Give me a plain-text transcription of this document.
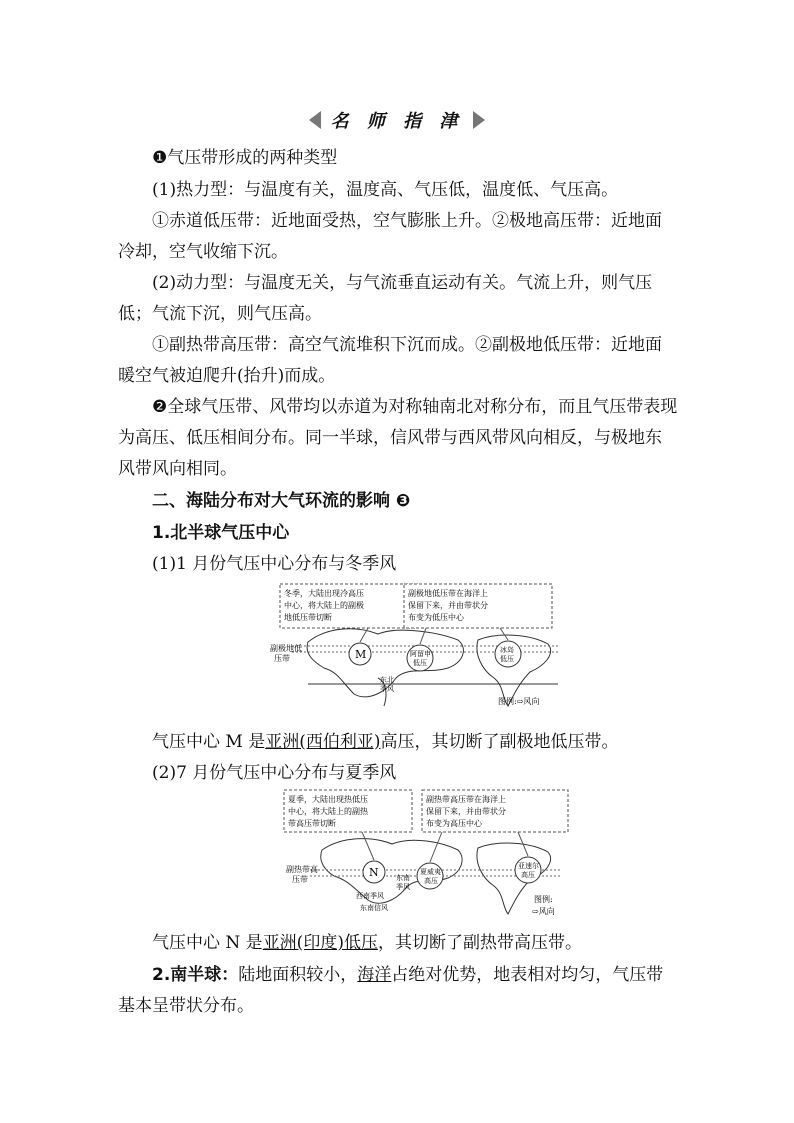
名 师 指 津

❶气压带形成的两种类型

(1)热力型：与温度有关，温度高、气压低，温度低、气压高。

①赤道低压带：近地面受热，空气膨胀上升。②极地高压带：近地面冷却，空气收缩下沉。

(2)动力型：与温度无关，与气流垂直运动有关。气流上升，则气压低；气流下沉，则气压高。

①副热带高压带：高空气流堆积下沉而成。②副极地低压带：近地面暖空气被迫爬升(抬升)而成。

❷全球气压带、风带均以赤道为对称轴南北对称分布，而且气压带表现为高压、低压相间分布。同一半球，信风带与西风带风向相反，与极地东风带风向相同。

二、海陆分布对大气环流的影响 ❸

1.北半球气压中心

(1)1 月份气压中心分布与冬季风

冬季，大陆出现冷高压
中心，将大陆上的副极
地低压带切断
副极地低压带在海洋上
保留下来，并由带状分
布变为低压中心
副极地低
压带	M	阿留申
低压
冰岛
低压
东北
季风
图例:⇨风向

气压中心 M 是亚洲(西伯利亚)高压，其切断了副极地低压带。

(2)7 月份气压中心分布与夏季风

夏季，大陆出现热低压
中心，将大陆上的副热
带高压带切断
副热带高压带在海洋上
保留下来，并由带状分
布变为高压中心
副热带高
压带
N	夏威夷
高压
亚速尔
高压
西南季风
东南
季风
东南信风
图例:
⇨风向

气压中心 N 是亚洲(印度)低压，其切断了副热带高压带。

2.南半球：陆地面积较小，海洋占绝对优势，地表相对均匀，气压带基本呈带状分布。
